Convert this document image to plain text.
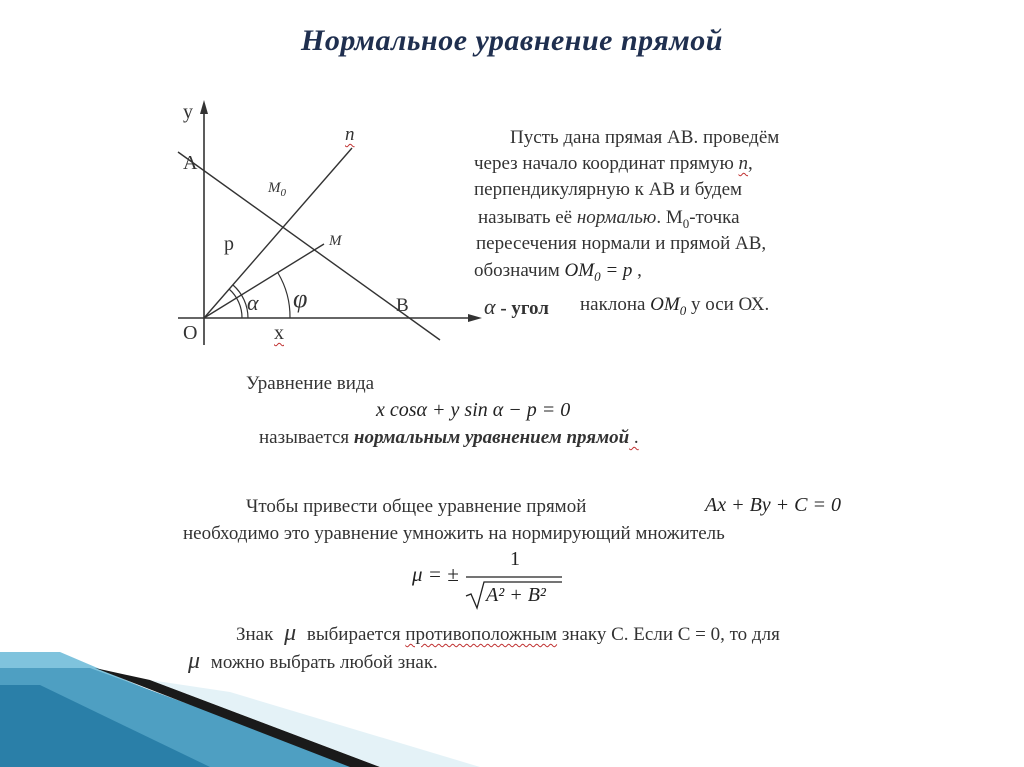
Нормальное уравнение прямой
y
A
O	x
B
n
$M_0$
M
p
α φ
Пусть дана прямая АВ. проведём
через начало координат прямую n,
перпендикулярную к АВ и будем
называть её нормалью. $М_0$-точка
пересечения нормали и прямой АВ,
обозначим $OM_0 = p$ ,
α - угол наклона $OM_0$ у оси ОХ.
Уравнение вида
x cosα + y sin α − p = 0
называется нормальным уравнением прямой .
Чтобы привести общее уравнение прямой	Ax + By + C = 0
необходимо это уравнение умножить на нормирующий множитель
μ = ±
1
A² + B²
Знак μ выбирается противоположным знаку С. Если С = 0, то для
μ можно выбрать любой знак.
